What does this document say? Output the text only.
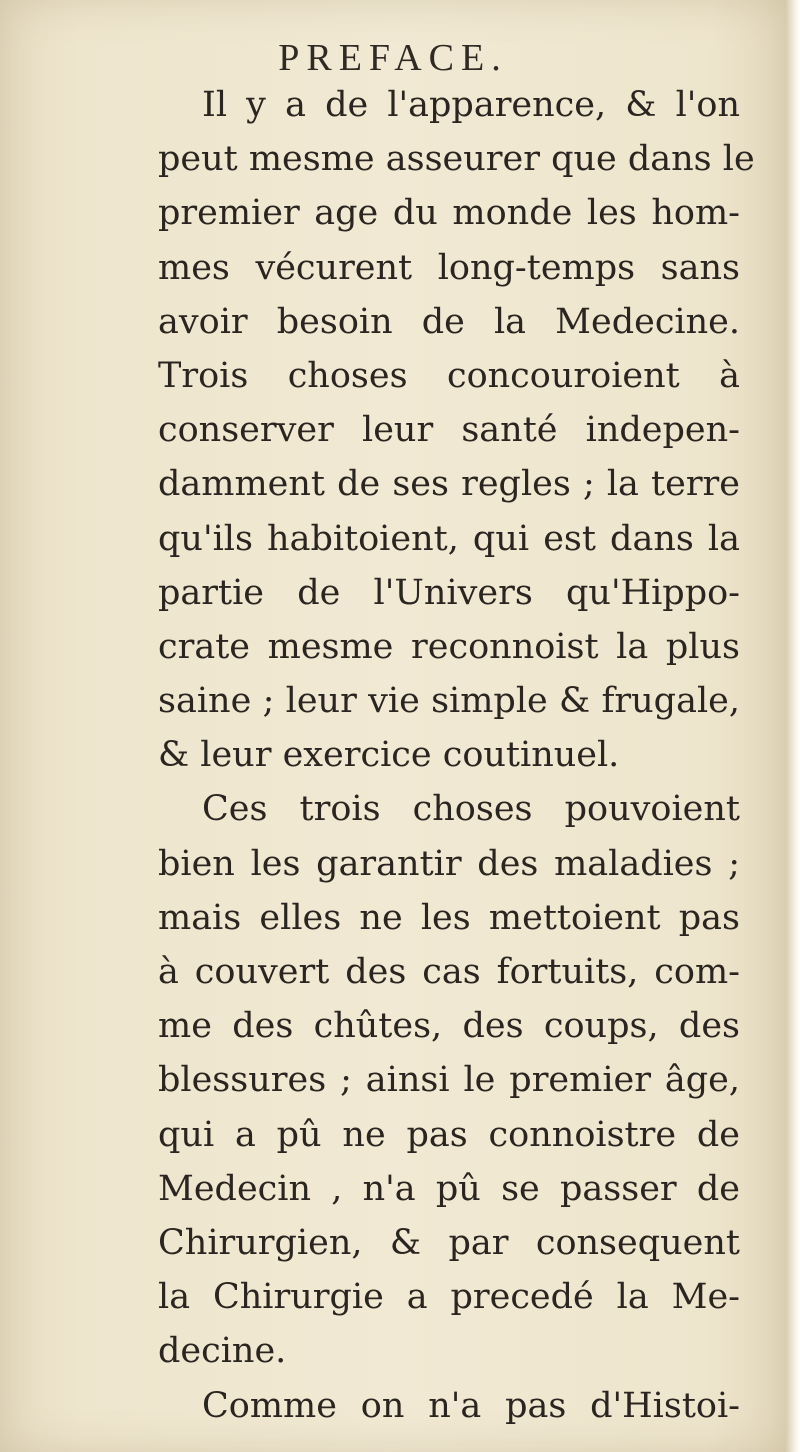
PREFACE.
Il y a de l'apparence, & l'on
peut mesme asseurer que dans le
premier age du monde les hom-
mes vécurent long-temps sans
avoir besoin de la Medecine.
Trois choses concouroient à
conserver leur santé indepen-
damment de ses regles ; la terre
qu'ils habitoient, qui est dans la
partie de l'Univers qu'Hippo-
crate mesme reconnoist la plus
saine ; leur vie simple & frugale,
& leur exercice coutinuel.
Ces trois choses pouvoient
bien les garantir des maladies ;
mais elles ne les mettoient pas
à couvert des cas fortuits, com-
me des chûtes, des coups, des
blessures ; ainsi le premier âge,
qui a pû ne pas connoistre de
Medecin , n'a pû se passer de
Chirurgien, & par consequent
la Chirurgie a precedé la Me-
decine.
Comme on n'a pas d'Histoi-
